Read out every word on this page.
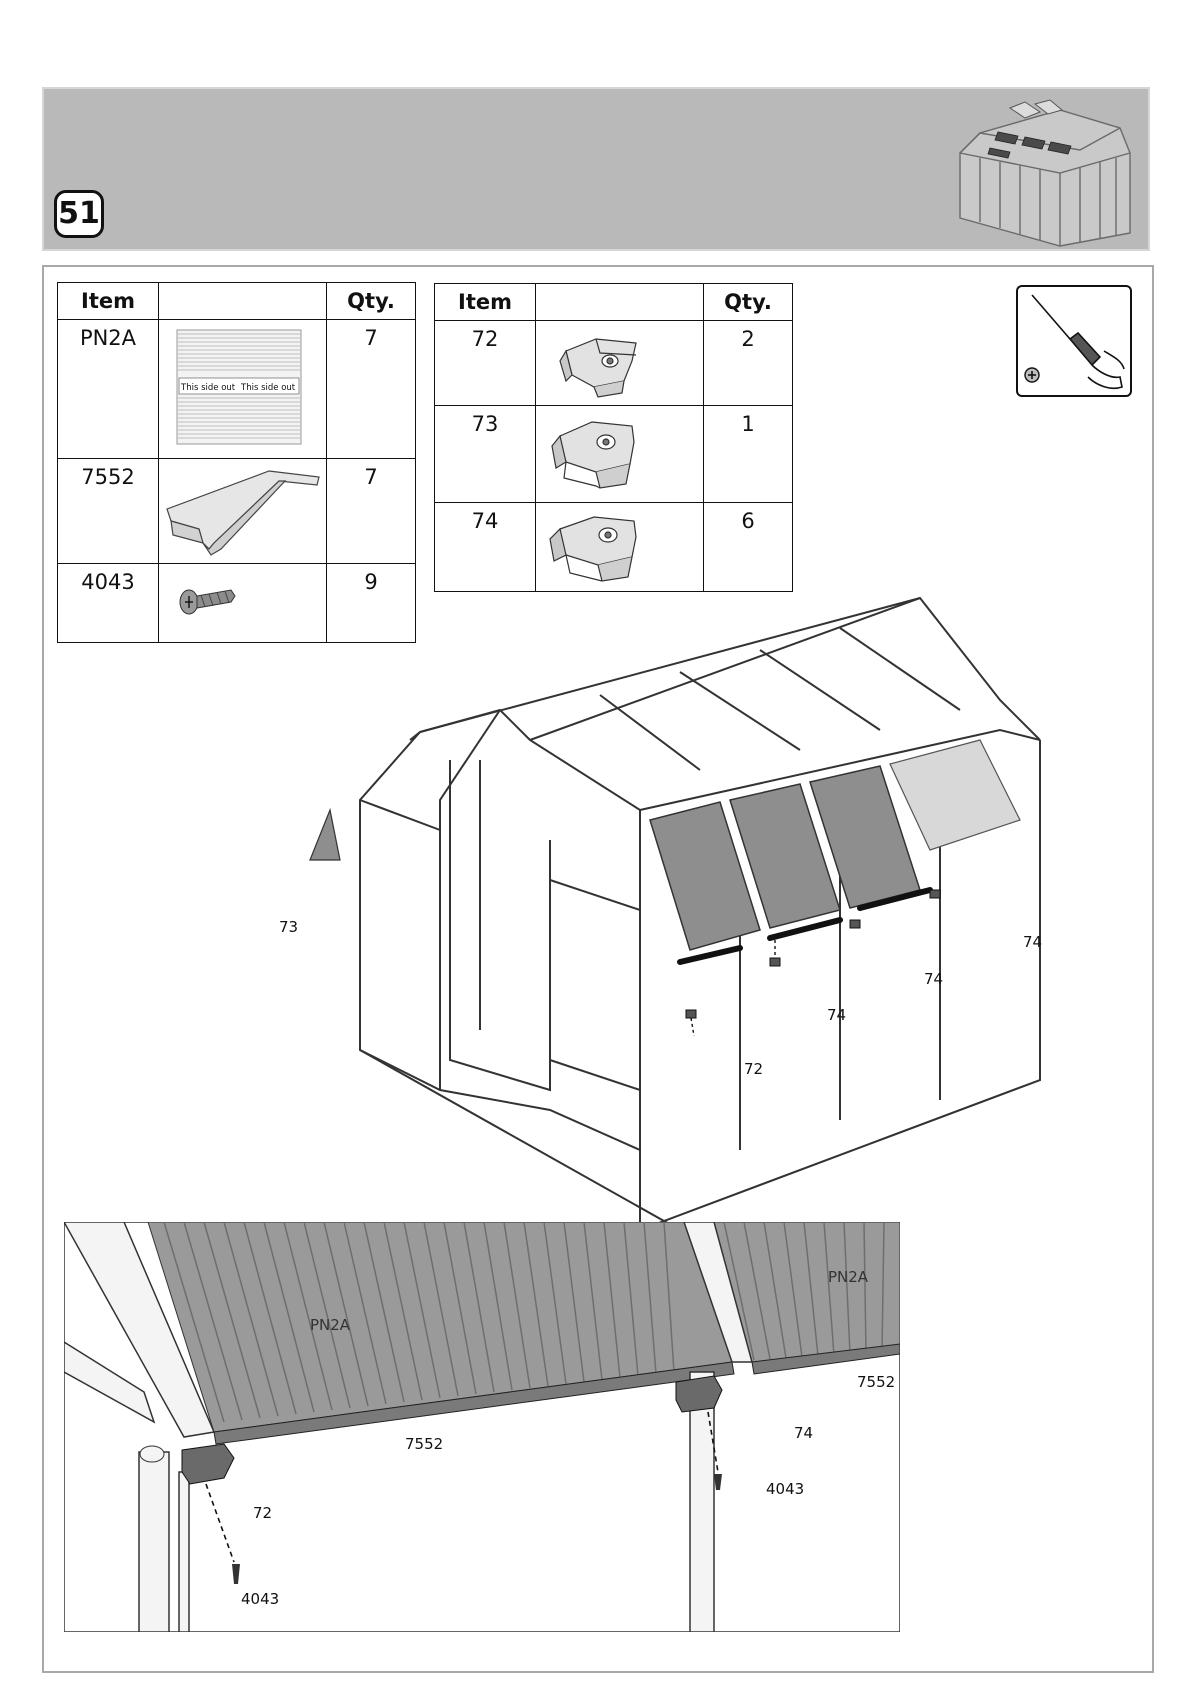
51
Item		Qty.
PN2A	This side out This side out	7
7552		7
4043		9
Item		Qty.
72		2
73		1
74		6
73
72
74
74
74
PN2A
PN2A
7552
7552
72
74
4043
4043
